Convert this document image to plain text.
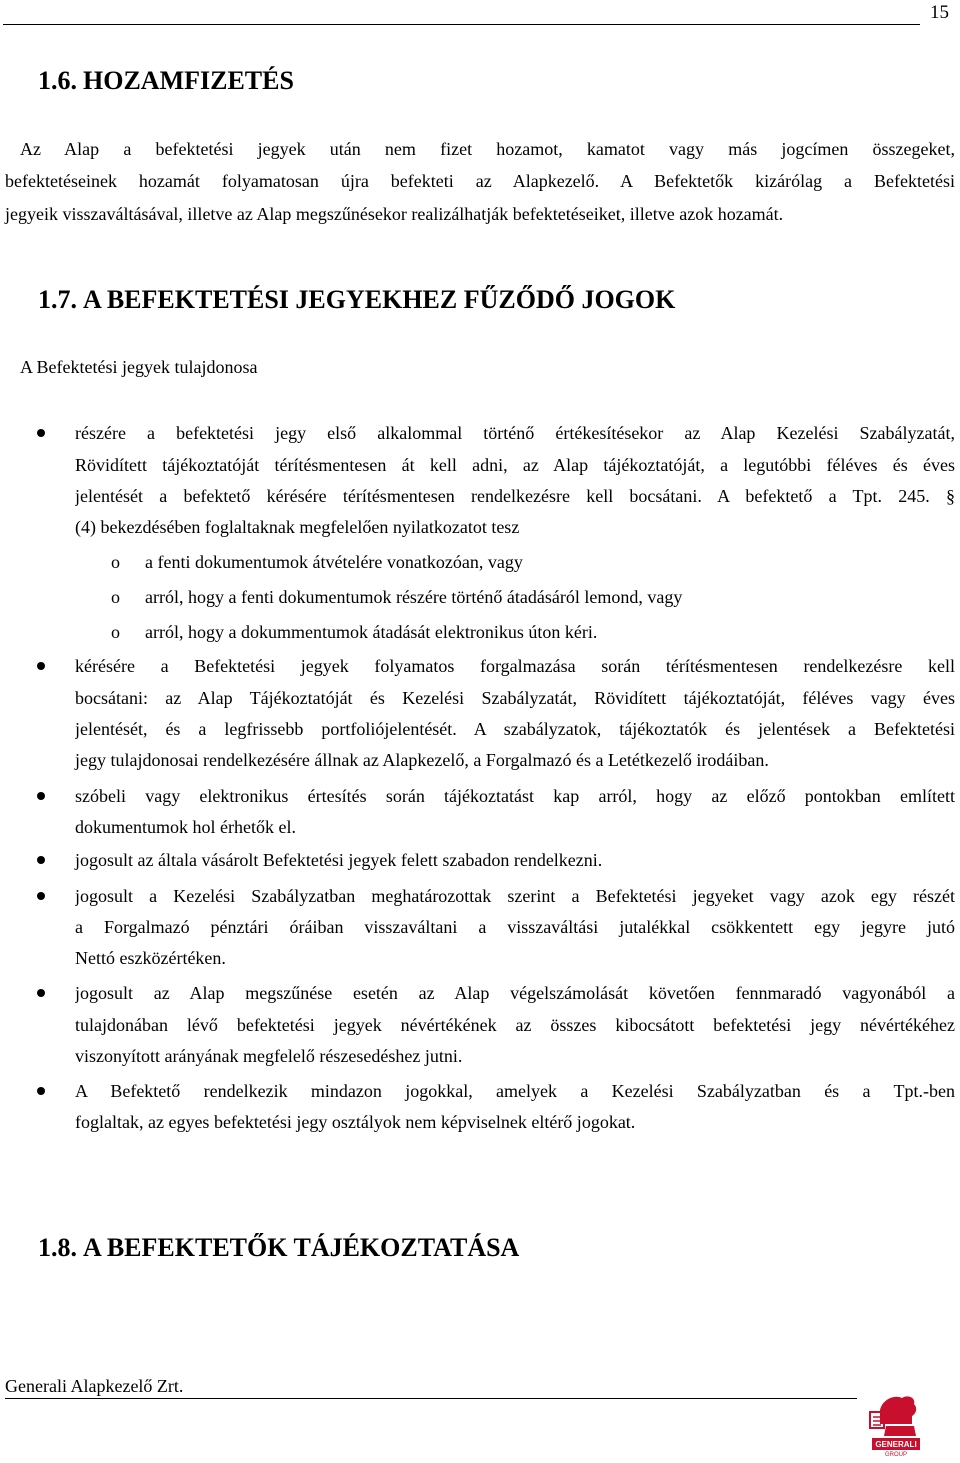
15
1.6. HOZAMFIZETÉS
Az Alap a befektetési jegyek után nem fizet hozamot, kamatot vagy más jogcímen összegeket,
befektetéseinek hozamát folyamatosan újra befekteti az Alapkezelő. A Befektetők kizárólag a Befektetési
jegyeik visszaváltásával, illetve az Alap megszűnésekor realizálhatják befektetéseiket, illetve azok hozamát.
1.7. A BEFEKTETÉSI JEGYEKHEZ FŰZŐDŐ JOGOK
A Befektetési jegyek tulajdonosa
részére a befektetési jegy első alkalommal történő értékesítésekor az Alap Kezelési Szabályzatát,
Rövidített tájékoztatóját térítésmentesen át kell adni, az Alap tájékoztatóját, a legutóbbi féléves és éves
jelentését a befektető kérésére térítésmentesen rendelkezésre kell bocsátani. A befektető a Tpt. 245. §
(4) bekezdésében foglaltaknak megfelelően nyilatkozatot tesz
o a fenti dokumentumok átvételére vonatkozóan, vagy
o arról, hogy a fenti dokumentumok részére történő átadásáról lemond, vagy
o arról, hogy a dokummentumok átadását elektronikus úton kéri.
kérésére a Befektetési jegyek folyamatos forgalmazása során térítésmentesen rendelkezésre kell
bocsátani: az Alap Tájékoztatóját és Kezelési Szabályzatát, Rövidített tájékoztatóját, féléves vagy éves
jelentését, és a legfrissebb portfoliójelentését. A szabályzatok, tájékoztatók és jelentések a Befektetési
jegy tulajdonosai rendelkezésére állnak az Alapkezelő, a Forgalmazó és a Letétkezelő irodáiban.
szóbeli vagy elektronikus értesítés során tájékoztatást kap arról, hogy az előző pontokban említett
dokumentumok hol érhetők el.
jogosult az általa vásárolt Befektetési jegyek felett szabadon rendelkezni.
jogosult a Kezelési Szabályzatban meghatározottak szerint a Befektetési jegyeket vagy azok egy részét
a Forgalmazó pénztári óráiban visszaváltani a visszaváltási jutalékkal csökkentett egy jegyre jutó
Nettó eszközértéken.
jogosult az Alap megszűnése esetén az Alap végelszámolását követően fennmaradó vagyonából a
tulajdonában lévő befektetési jegyek névértékének az összes kibocsátott befektetési jegy névértékéhez
viszonyított arányának megfelelő részesedéshez jutni.
A Befektető rendelkezik mindazon jogokkal, amelyek a Kezelési Szabályzatban és a Tpt.-ben
foglaltak, az egyes befektetési jegy osztályok nem képviselnek eltérő jogokat.
1.8. A BEFEKTETŐK TÁJÉKOZTATÁSA
Generali Alapkezelő Zrt.
GENERALI
GROUP
